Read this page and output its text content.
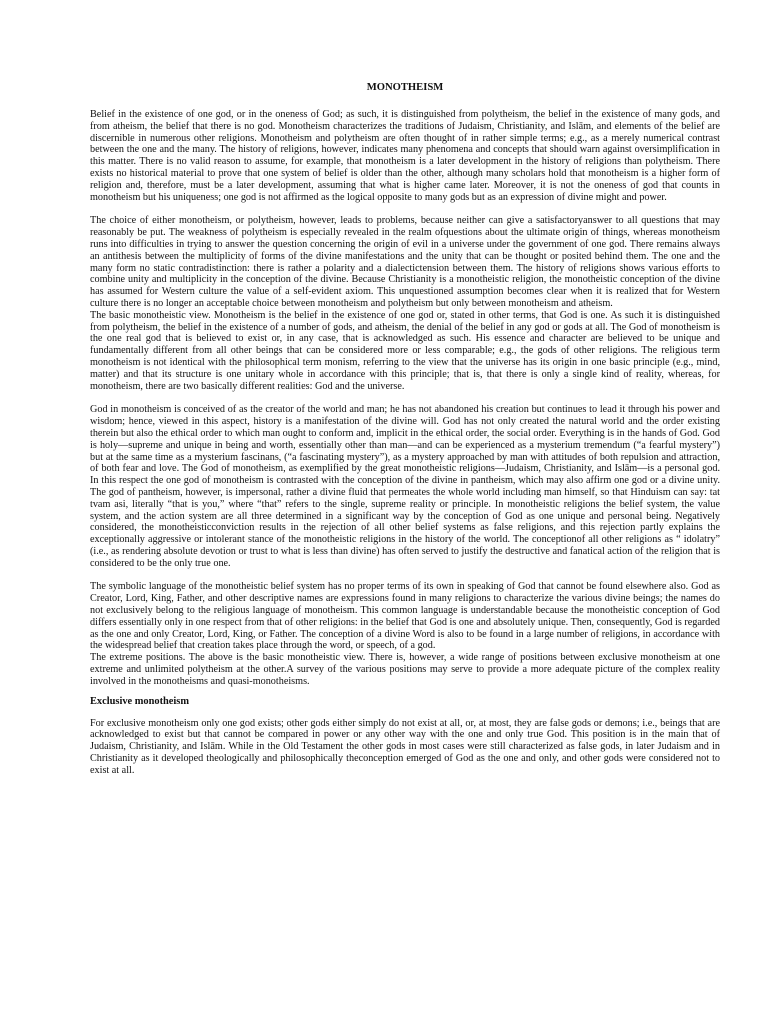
MONOTHEISM

Belief in the existence of one god, or in the oneness of God; as such, it is distinguished from polytheism, the belief in the existence of many gods, and from atheism, the belief that there is no god. Monotheism characterizes the traditions of Judaism, Christianity, and Islām, and elements of the belief are discernible in numerous other religions. Monotheism and polytheism are often thought of in rather simple terms; e.g., as a merely numerical contrast between the one and the many. The history of religions, however, indicates many phenomena and concepts that should warn against oversimplification in this matter. There is no valid reason to assume, for example, that monotheism is a later development in the history of religions than polytheism. There exists no historical material to prove that one system of belief is older than the other, although many scholars hold that monotheism is a higher form of religion and, therefore, must be a later development, assuming that what is higher came later. Moreover, it is not the oneness of god that counts in monotheism but his uniqueness; one god is not affirmed as the logical opposite to many gods but as an expression of divine might and power.

The choice of either monotheism, or polytheism, however, leads to problems, because neither can give a satisfactoryanswer to all questions that may reasonably be put. The weakness of polytheism is especially revealed in the realm ofquestions about the ultimate origin of things, whereas monotheism runs into difficulties in trying to answer the question concerning the origin of evil in a universe under the government of one god. There remains always an antithesis between the multiplicity of forms of the divine manifestations and the unity that can be thought or posited behind them. The one and the many form no static contradistinction: there is rather a polarity and a dialectictension between them. The history of religions shows various efforts to combine unity and multiplicity in the conception of the divine. Because Christianity is a monotheistic religion, the monotheistic conception of the divine has assumed for Western culture the value of a self-evident axiom. This unquestioned assumption becomes clear when it is realized that for Western culture there is no longer an acceptable choice between monotheism and polytheism but only between monotheism and atheism.

The basic monotheistic view. Monotheism is the belief in the existence of one god or, stated in other terms, that God is one. As such it is distinguished from polytheism, the belief in the existence of a number of gods, and atheism, the denial of the belief in any god or gods at all. The God of monotheism is the one real god that is believed to exist or, in any case, that is acknowledged as such. His essence and character are believed to be unique and fundamentally different from all other beings that can be considered more or less comparable; e.g., the gods of other religions. The religious term monotheism is not identical with the philosophical term monism, referring to the view that the universe has its origin in one basic principle (e.g., mind, matter) and that its structure is one unitary whole in accordance with this principle; that is, that there is only a single kind of reality, whereas, for monotheism, there are two basically different realities: God and the universe.

God in monotheism is conceived of as the creator of the world and man; he has not abandoned his creation but continues to lead it through his power and wisdom; hence, viewed in this aspect, history is a manifestation of the divine will. God has not only created the natural world and the order existing therein but also the ethical order to which man ought to conform and, implicit in the ethical order, the social order. Everything is in the hands of God. God is holy—supreme and unique in being and worth, essentially other than man—and can be experienced as a mysterium tremendum (“a fearful mystery”) but at the same time as a mysterium fascinans, (“a fascinating mystery”), as a mystery approached by man with attitudes of both repulsion and attraction, of both fear and love. The God of monotheism, as exemplified by the great monotheistic religions—Judaism, Christianity, and Islām—is a personal god. In this respect the one god of monotheism is contrasted with the conception of the divine in pantheism, which may also affirm one god or a divine unity. The god of pantheism, however, is impersonal, rather a divine fluid that permeates the whole world including man himself, so that Hinduism can say: tat tvam asi, literally “that is you,” where “that” refers to the single, supreme reality or principle. In monotheistic religions the belief system, the value system, and the action system are all three determined in a significant way by the conception of God as one unique and personal being. Negatively considered, the monotheisticconviction results in the rejection of all other belief systems as false religions, and this rejection partly explains the exceptionally aggressive or intolerant stance of the monotheistic religions in the history of the world. The conceptionof all other religions as “ idolatry” (i.e., as rendering absolute devotion or trust to what is less than divine) has often served to justify the destructive and fanatical action of the religion that is considered to be the only true one.

The symbolic language of the monotheistic belief system has no proper terms of its own in speaking of God that cannot be found elsewhere also. God as Creator, Lord, King, Father, and other descriptive names are expressions found in many religions to characterize the various divine beings; the names do not exclusively belong to the religious language of monotheism. This common language is understandable because the monotheistic conception of God differs essentially only in one respect from that of other religions: in the belief that God is one and absolutely unique. Then, consequently, God is regarded as the one and only Creator, Lord, King, or Father. The conception of a divine Word is also to be found in a large number of religions, in accordance with the widespread belief that creation takes place through the word, or speech, of a god.

The extreme positions. The above is the basic monotheistic view. There is, however, a wide range of positions between exclusive monotheism at one extreme and unlimited polytheism at the other.A survey of the various positions may serve to provide a more adequate picture of the complex reality involved in the monotheisms and quasi-monotheisms.

Exclusive monotheism

For exclusive monotheism only one god exists; other gods either simply do not exist at all, or, at most, they are false gods or demons; i.e., beings that are acknowledged to exist but that cannot be compared in power or any other way with the one and only true God. This position is in the main that of Judaism, Christianity, and Islām. While in the Old Testament the other gods in most cases were still characterized as false gods, in later Judaism and in Christianity as it developed theologically and philosophically theconception emerged of God as the one and only, and other gods were considered not to exist at all.
